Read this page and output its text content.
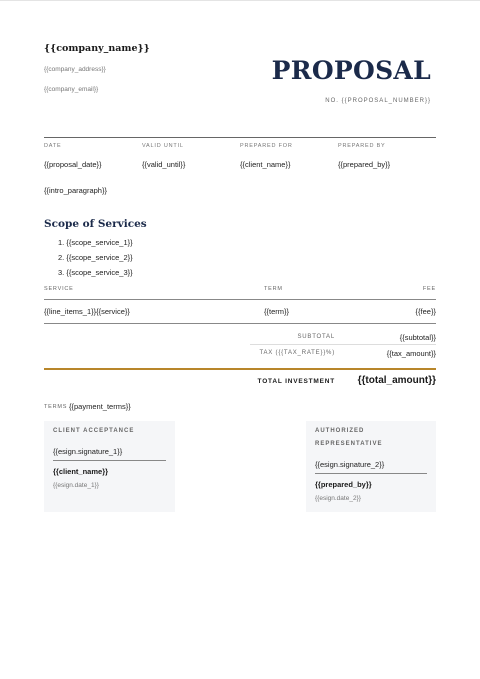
{{company_name}}
{{company_address}}
{{company_email}}
PROPOSAL
NO. {{PROPOSAL_NUMBER}}
DATE	VALID UNTIL	PREPARED FOR	PREPARED BY
{{proposal_date}}	{{valid_until}}	{{client_name}}	{{prepared_by}}
{{intro_paragraph}}
Scope of Services
1. {{scope_service_1}}
2. {{scope_service_2}}
3. {{scope_service_3}}
SERVICE	TERM	FEE
{{line_items_1}}{{service}}	{{term}}	{{fee}}
SUBTOTAL	{{subtotal}}
TAX ({{TAX_RATE}}%)	{{tax_amount}}
TOTAL INVESTMENT {{total_amount}}
TERMS {{payment_terms}}
CLIENT ACCEPTANCE
{{esign.signature_1}}
{{client_name}}
{{esign.date_1}}
AUTHORIZED REPRESENTATIVE
{{esign.signature_2}}
{{prepared_by}}
{{esign.date_2}}
